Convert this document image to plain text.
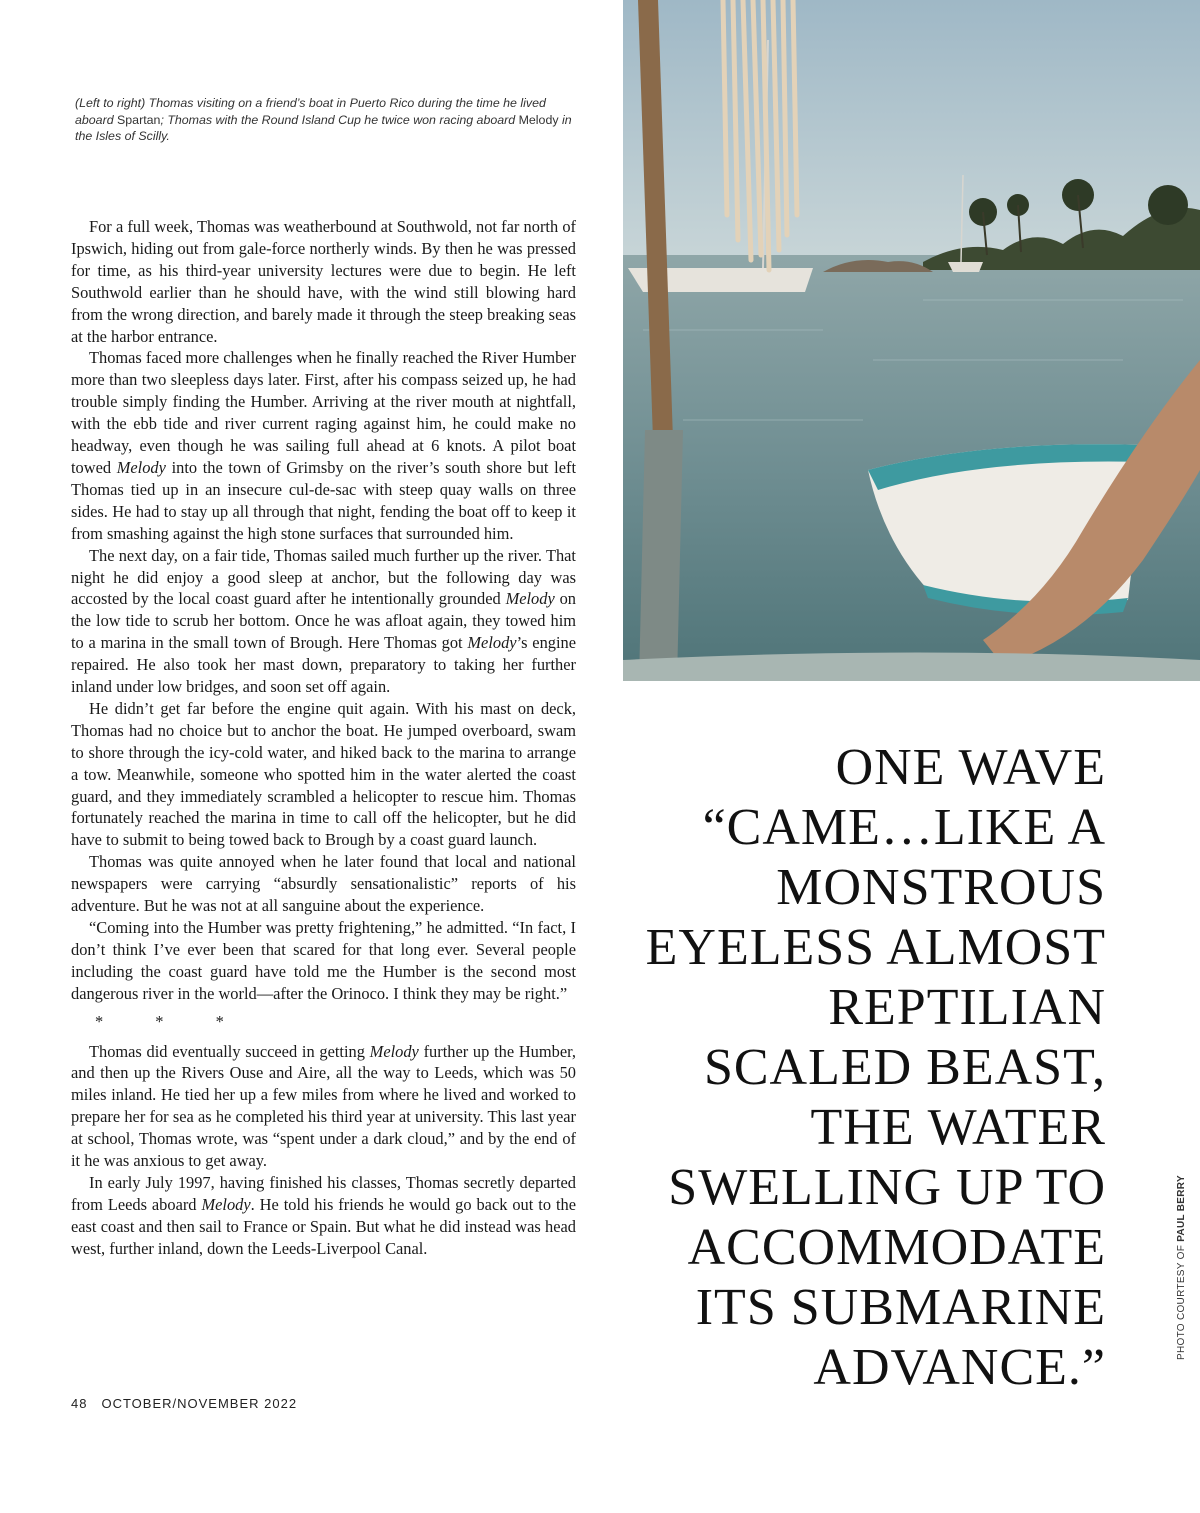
(Left to right) Thomas visiting on a friend’s boat in Puerto Rico during the time he lived aboard Spartan; Thomas with the Round Island Cup he twice won racing aboard Melody in the Isles of Scilly.

For a full week, Thomas was weatherbound at Southwold, not far north of Ipswich, hiding out from gale-force northerly winds. By then he was pressed for time, as his third-year university lectures were due to begin. He left Southwold earlier than he should have, with the wind still blowing hard from the wrong direction, and barely made it through the steep breaking seas at the harbor entrance.

Thomas faced more challenges when he finally reached the River Humber more than two sleepless days later. First, after his compass seized up, he had trouble simply finding the Humber. Arriving at the river mouth at nightfall, with the ebb tide and river current raging against him, he could make no headway, even though he was sailing full ahead at 6 knots. A pilot boat towed Melody into the town of Grimsby on the river’s south shore but left Thomas tied up in an insecure cul-de-sac with steep quay walls on three sides. He had to stay up all through that night, fending the boat off to keep it from smashing against the high stone surfaces that surrounded him.

The next day, on a fair tide, Thomas sailed much further up the river. That night he did enjoy a good sleep at anchor, but the following day was accosted by the local coast guard after he intentionally grounded Melody on the low tide to scrub her bottom. Once he was afloat again, they towed him to a marina in the small town of Brough. Here Thomas got Melody’s engine repaired. He also took her mast down, preparatory to taking her further inland under low bridges, and soon set off again.

He didn’t get far before the engine quit again. With his mast on deck, Thomas had no choice but to anchor the boat. He jumped overboard, swam to shore through the icy-cold water, and hiked back to the marina to arrange a tow. Meanwhile, someone who spotted him in the water alerted the coast guard, and they immediately scrambled a helicopter to rescue him. Thomas fortunately reached the marina in time to call off the helicopter, but he did have to submit to being towed back to Brough by a coast guard launch.

Thomas was quite annoyed when he later found that local and national newspapers were carrying “absurdly sensationalistic” reports of his adventure. But he was not at all sanguine about the experience.

“Coming into the Humber was pretty frightening,” he admitted. “In fact, I don’t think I’ve ever been that scared for that long ever. Several people including the coast guard have told me the Humber is the second most dangerous river in the world—after the Orinoco. I think they may be right.”

* * *

Thomas did eventually succeed in getting Melody further up the Humber, and then up the Rivers Ouse and Aire, all the way to Leeds, which was 50 miles inland. He tied her up a few miles from where he lived and worked to prepare her for sea as he completed his third year at university. This last year at school, Thomas wrote, was “spent under a dark cloud,” and by the end of it he was anxious to get away.

In early July 1997, having finished his classes, Thomas secretly departed from Leeds aboard Melody. He told his friends he would go back out to the east coast and then sail to France or Spain. But what he did instead was head west, further inland, down the Leeds-Liverpool Canal.

ONE WAVE “CAME…LIKE A MONSTROUS EYELESS ALMOST REPTILIAN SCALED BEAST, THE WATER SWELLING UP TO ACCOMMODATE ITS SUBMARINE ADVANCE.”
PHOTO COURTESY OF PAUL BERRY
48 OCTOBER/NOVEMBER 2022
